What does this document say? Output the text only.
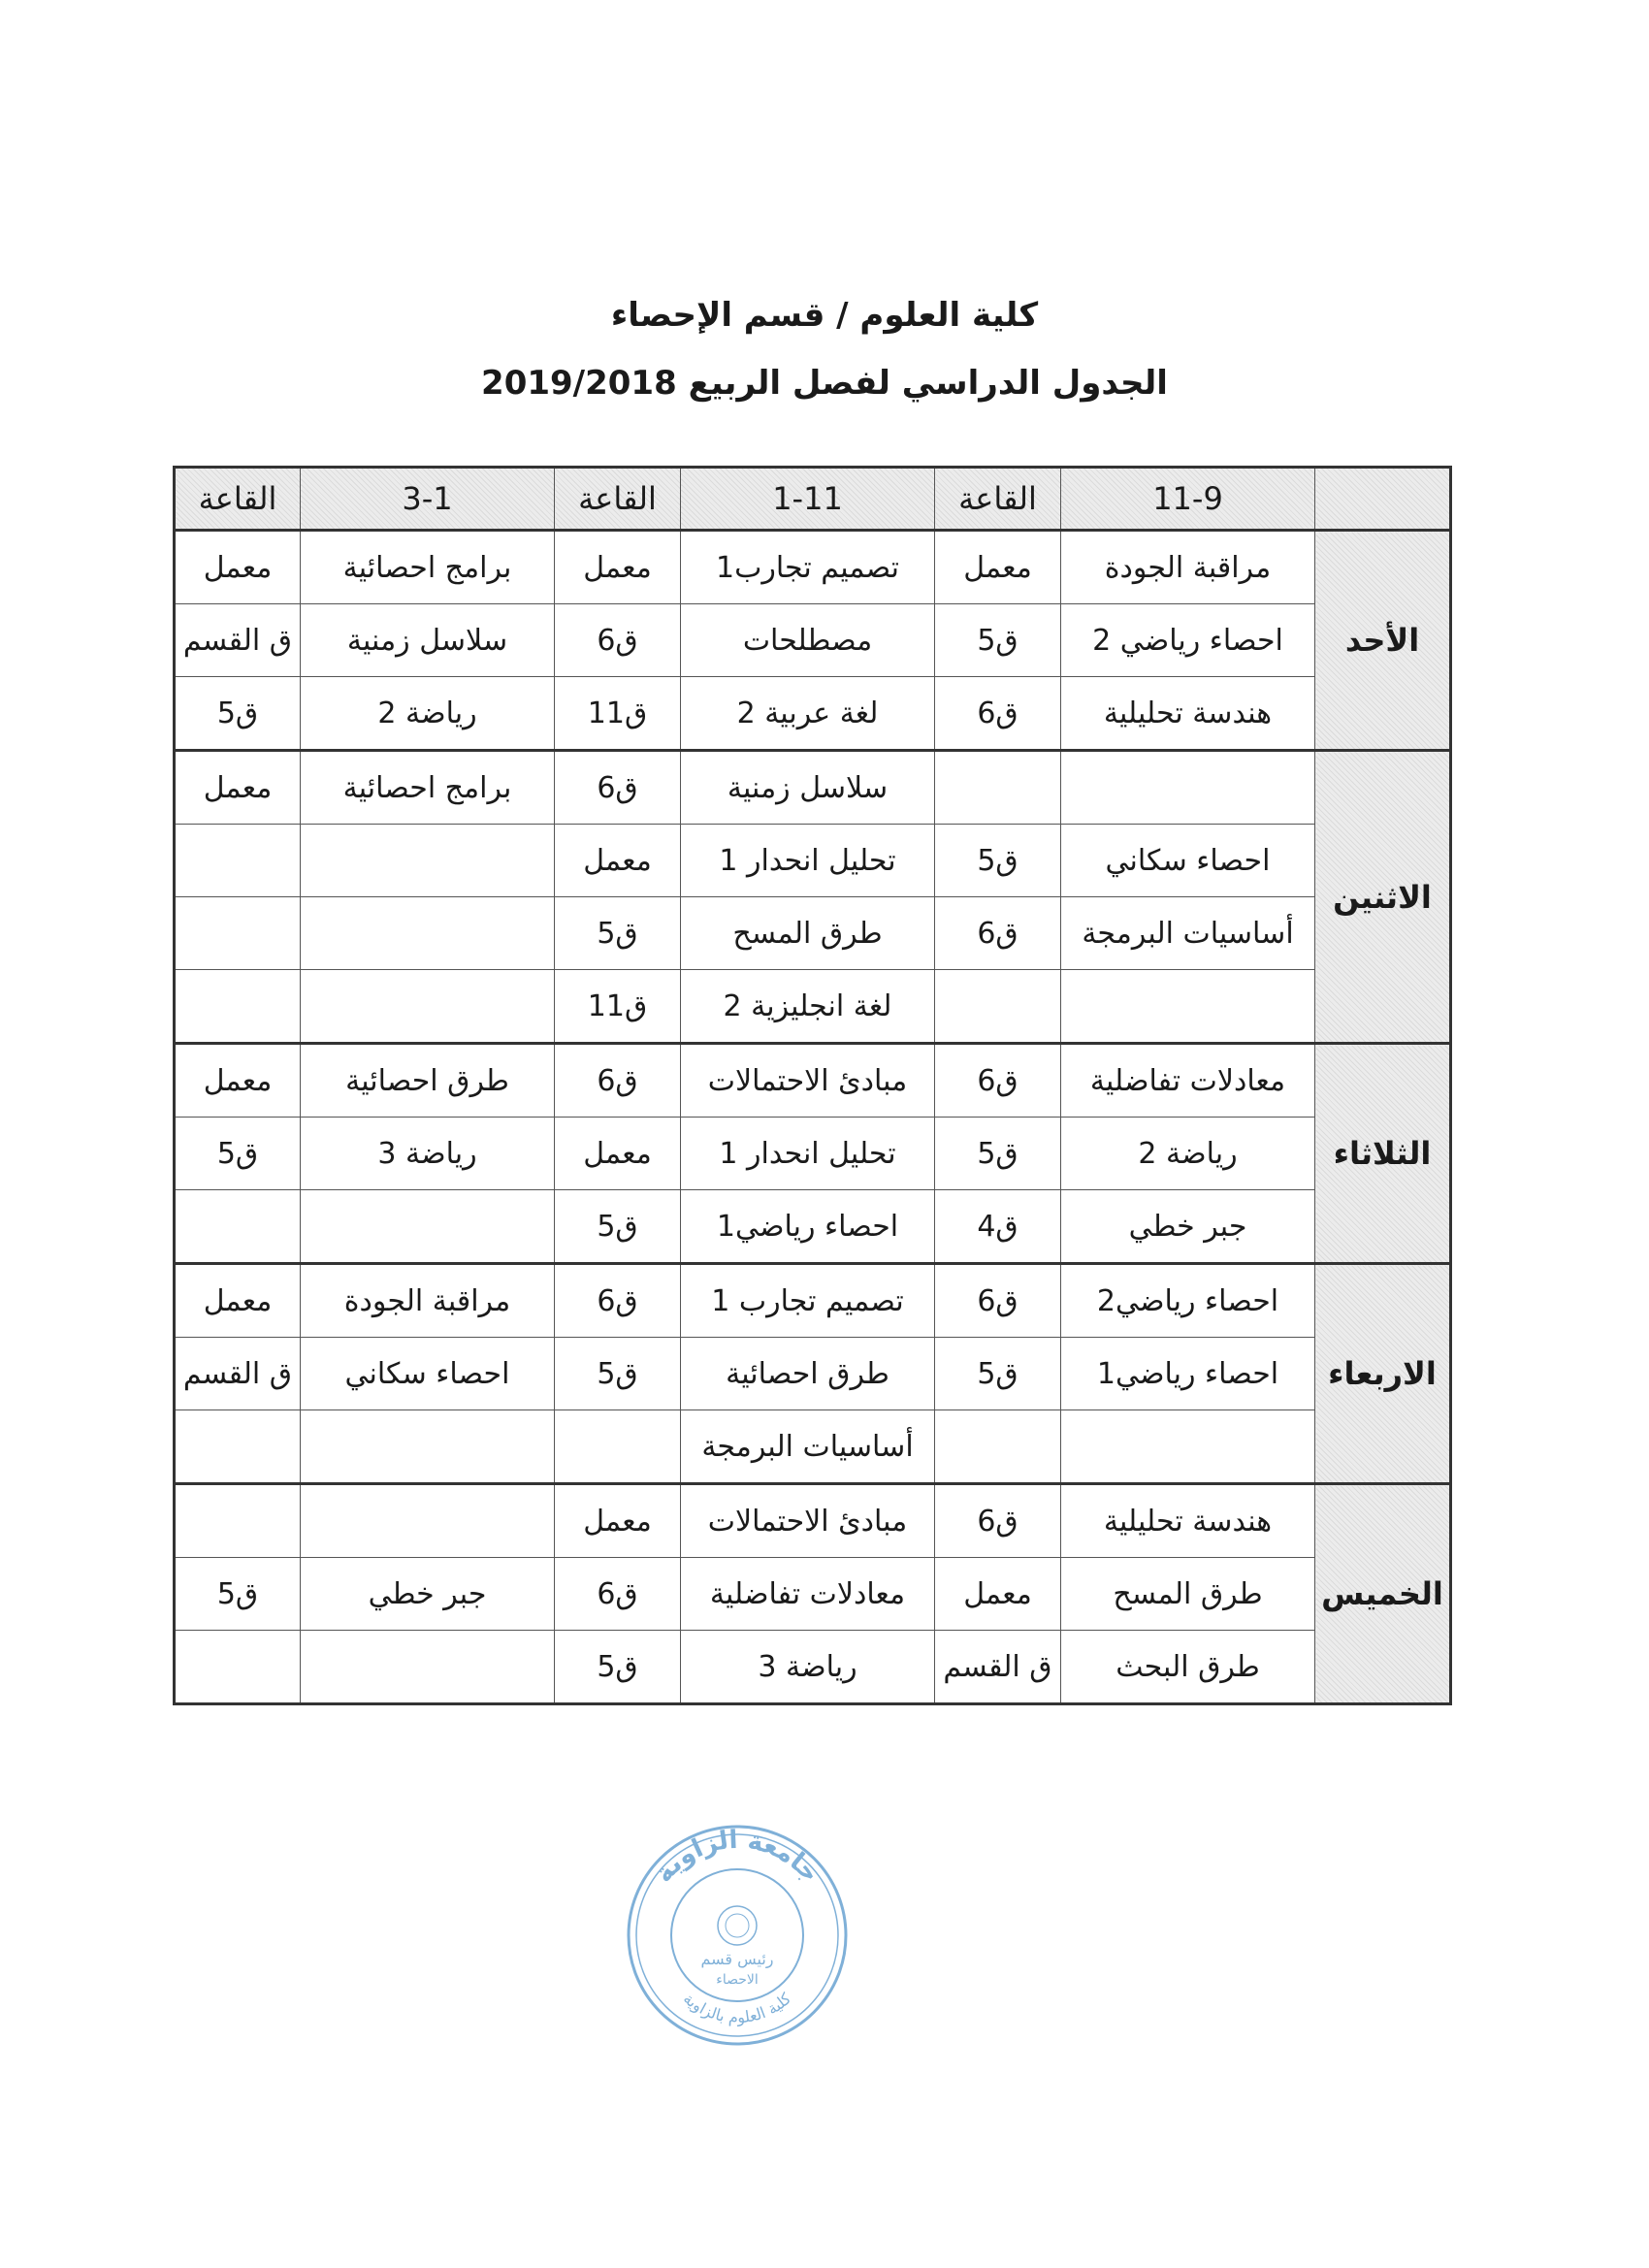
كلية العلوم / قسم الإحصاء
الجدول الدراسي لفصل الربيع 2019/2018
	11-9	القاعة	1-11	القاعة	3-1	القاعة
الأحد	مراقبة الجودة	معمل	تصميم تجارب1	معمل	برامج احصائية	معمل
	احصاء رياضي 2	ق5	مصطلحات	ق6	سلاسل زمنية	ق القسم
	هندسة تحليلية	ق6	لغة عربية 2	ق11	رياضة 2	ق5
الاثنين			سلاسل زمنية	ق6	برامج احصائية	معمل
	احصاء سكاني	ق5	تحليل انحدار 1	معمل		
	أساسيات البرمجة	ق6	طرق المسح	ق5		
			لغة انجليزية 2	ق11		
الثلاثاء	معادلات تفاضلية	ق6	مبادئ الاحتمالات	ق6	طرق احصائية	معمل
	رياضة 2	ق5	تحليل انحدار 1	معمل	رياضة 3	ق5
	جبر خطي	ق4	احصاء رياضي1	ق5		
الاربعاء	احصاء رياضي2	ق6	تصميم تجارب 1	ق6	مراقبة الجودة	معمل
	احصاء رياضي1	ق5	طرق احصائية	ق5	احصاء سكاني	ق القسم
			أساسيات البرمجة			
الخميس	هندسة تحليلية	ق6	مبادئ الاحتمالات	معمل		
	طرق المسح	معمل	معادلات تفاضلية	ق6	جبر خطي	ق5
	طرق البحث	ق القسم	رياضة 3	ق5		
جامعة الزاوية
كلية العلوم بالزاوية
رئيس قسم
الاحصاء
